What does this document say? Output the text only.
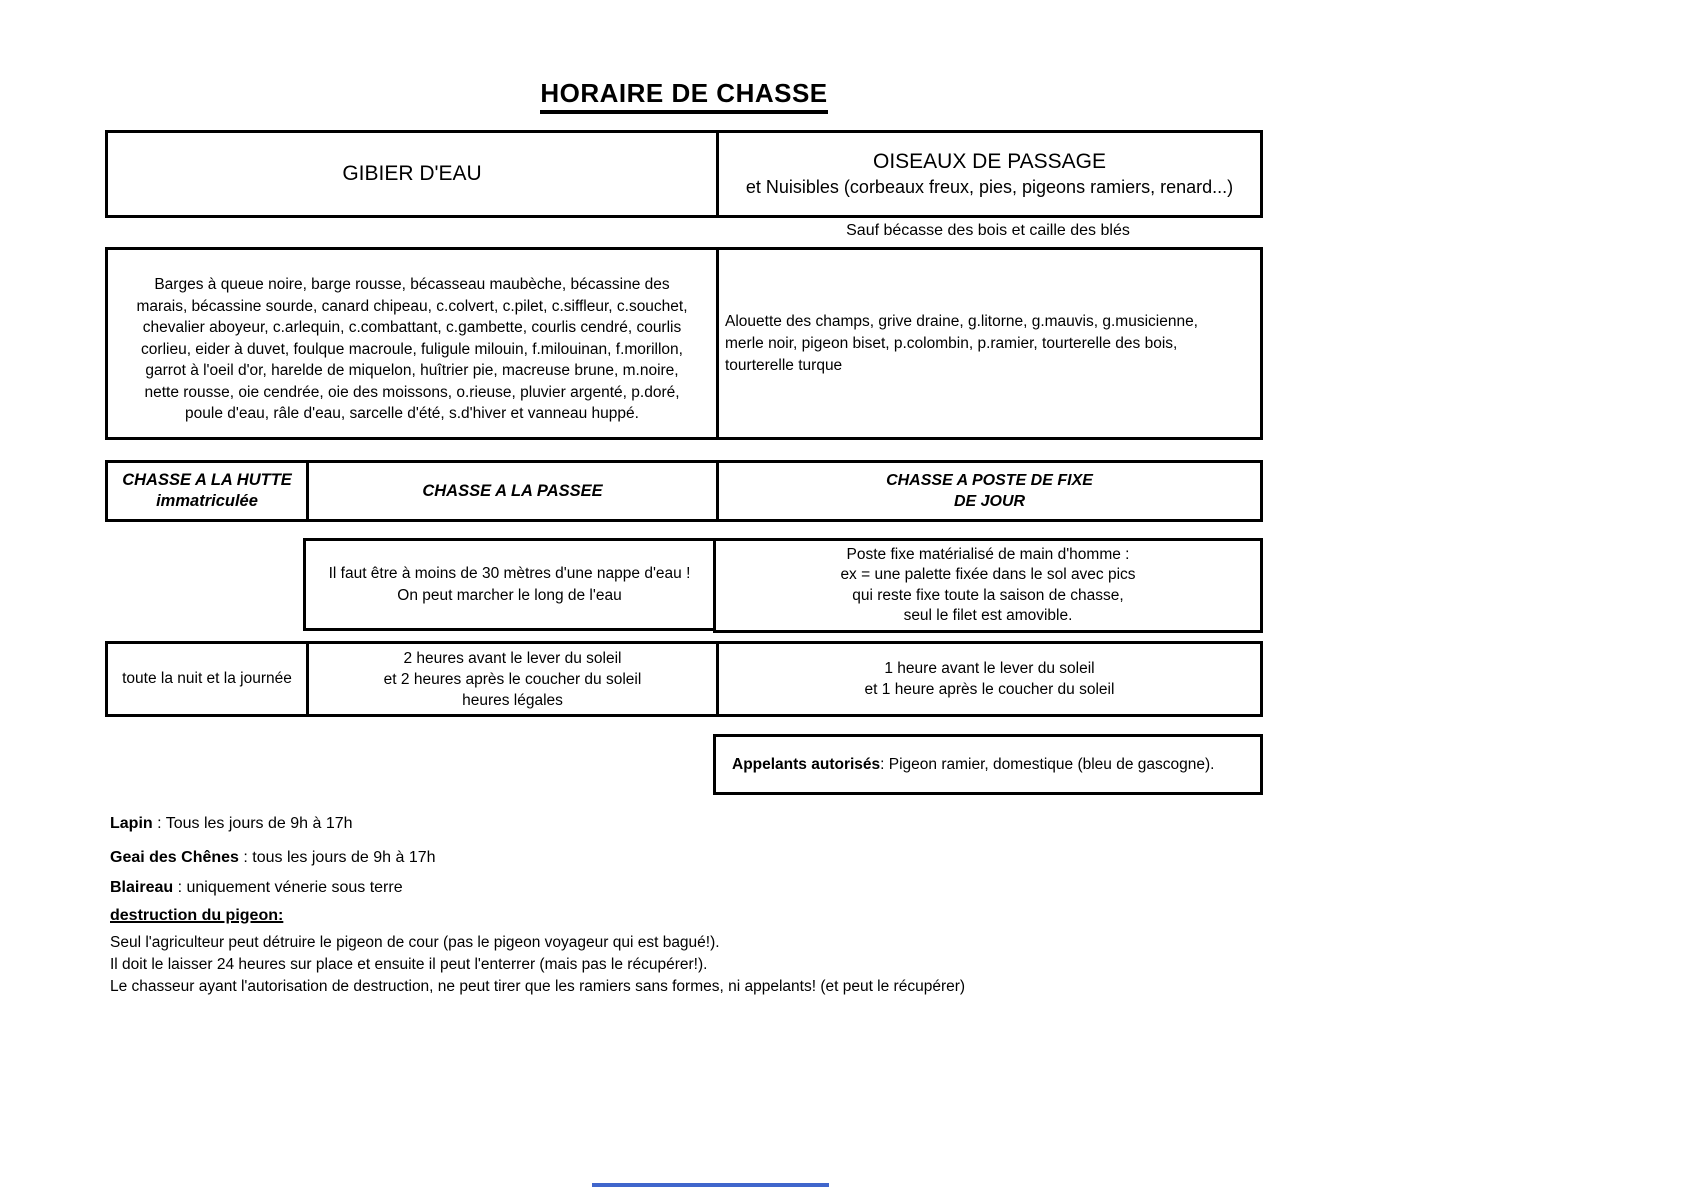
HORAIRE DE CHASSE
GIBIER D'EAU
OISEAUX DE PASSAGE
et Nuisibles (corbeaux freux, pies, pigeons ramiers, renard...)
Sauf bécasse des bois et caille des blés
Barges à queue noire, barge rousse, bécasseau maubèche, bécassine des
marais, bécassine sourde, canard chipeau, c.colvert, c.pilet, c.siffleur, c.souchet,
chevalier aboyeur, c.arlequin, c.combattant, c.gambette, courlis cendré, courlis
corlieu, eider à duvet, foulque macroule, fuligule milouin, f.milouinan, f.morillon,
garrot à l'oeil d'or, harelde de miquelon, huîtrier pie, macreuse brune, m.noire,
nette rousse, oie cendrée, oie des moissons, o.rieuse, pluvier argenté, p.doré,
poule d'eau, râle d'eau, sarcelle d'été, s.d'hiver et vanneau huppé.
Alouette des champs, grive draine, g.litorne, g.mauvis, g.musicienne,
merle noir, pigeon biset, p.colombin, p.ramier, tourterelle des bois,
tourterelle turque
CHASSE A LA HUTTE
immatriculée
CHASSE A LA PASSEE
CHASSE A POSTE DE FIXE
DE JOUR
Il faut être à moins de 30 mètres d'une nappe d'eau !
On peut marcher le long de l'eau
Poste fixe matérialisé de main d'homme :
ex = une palette fixée dans le sol avec pics
qui reste fixe toute la saison de chasse,
seul le filet est amovible.
toute la nuit et la journée
2 heures avant le lever du soleil
et 2 heures après le coucher du soleil
heures légales
1 heure avant le lever du soleil
et 1 heure après le coucher du soleil
Appelants autorisés : Pigeon ramier, domestique (bleu de gascogne).
Lapin : Tous les jours de 9h à 17h
Geai des Chênes : tous les jours de 9h à 17h
Blaireau : uniquement vénerie sous terre
destruction du pigeon:
Seul l'agriculteur peut détruire le pigeon de cour (pas le pigeon voyageur qui est bagué!).
Il doit le laisser 24 heures sur place et ensuite il peut l'enterrer (mais pas le récupérer!).
Le chasseur ayant l'autorisation de destruction, ne peut tirer que les ramiers sans formes, ni appelants! (et peut le récupérer)
